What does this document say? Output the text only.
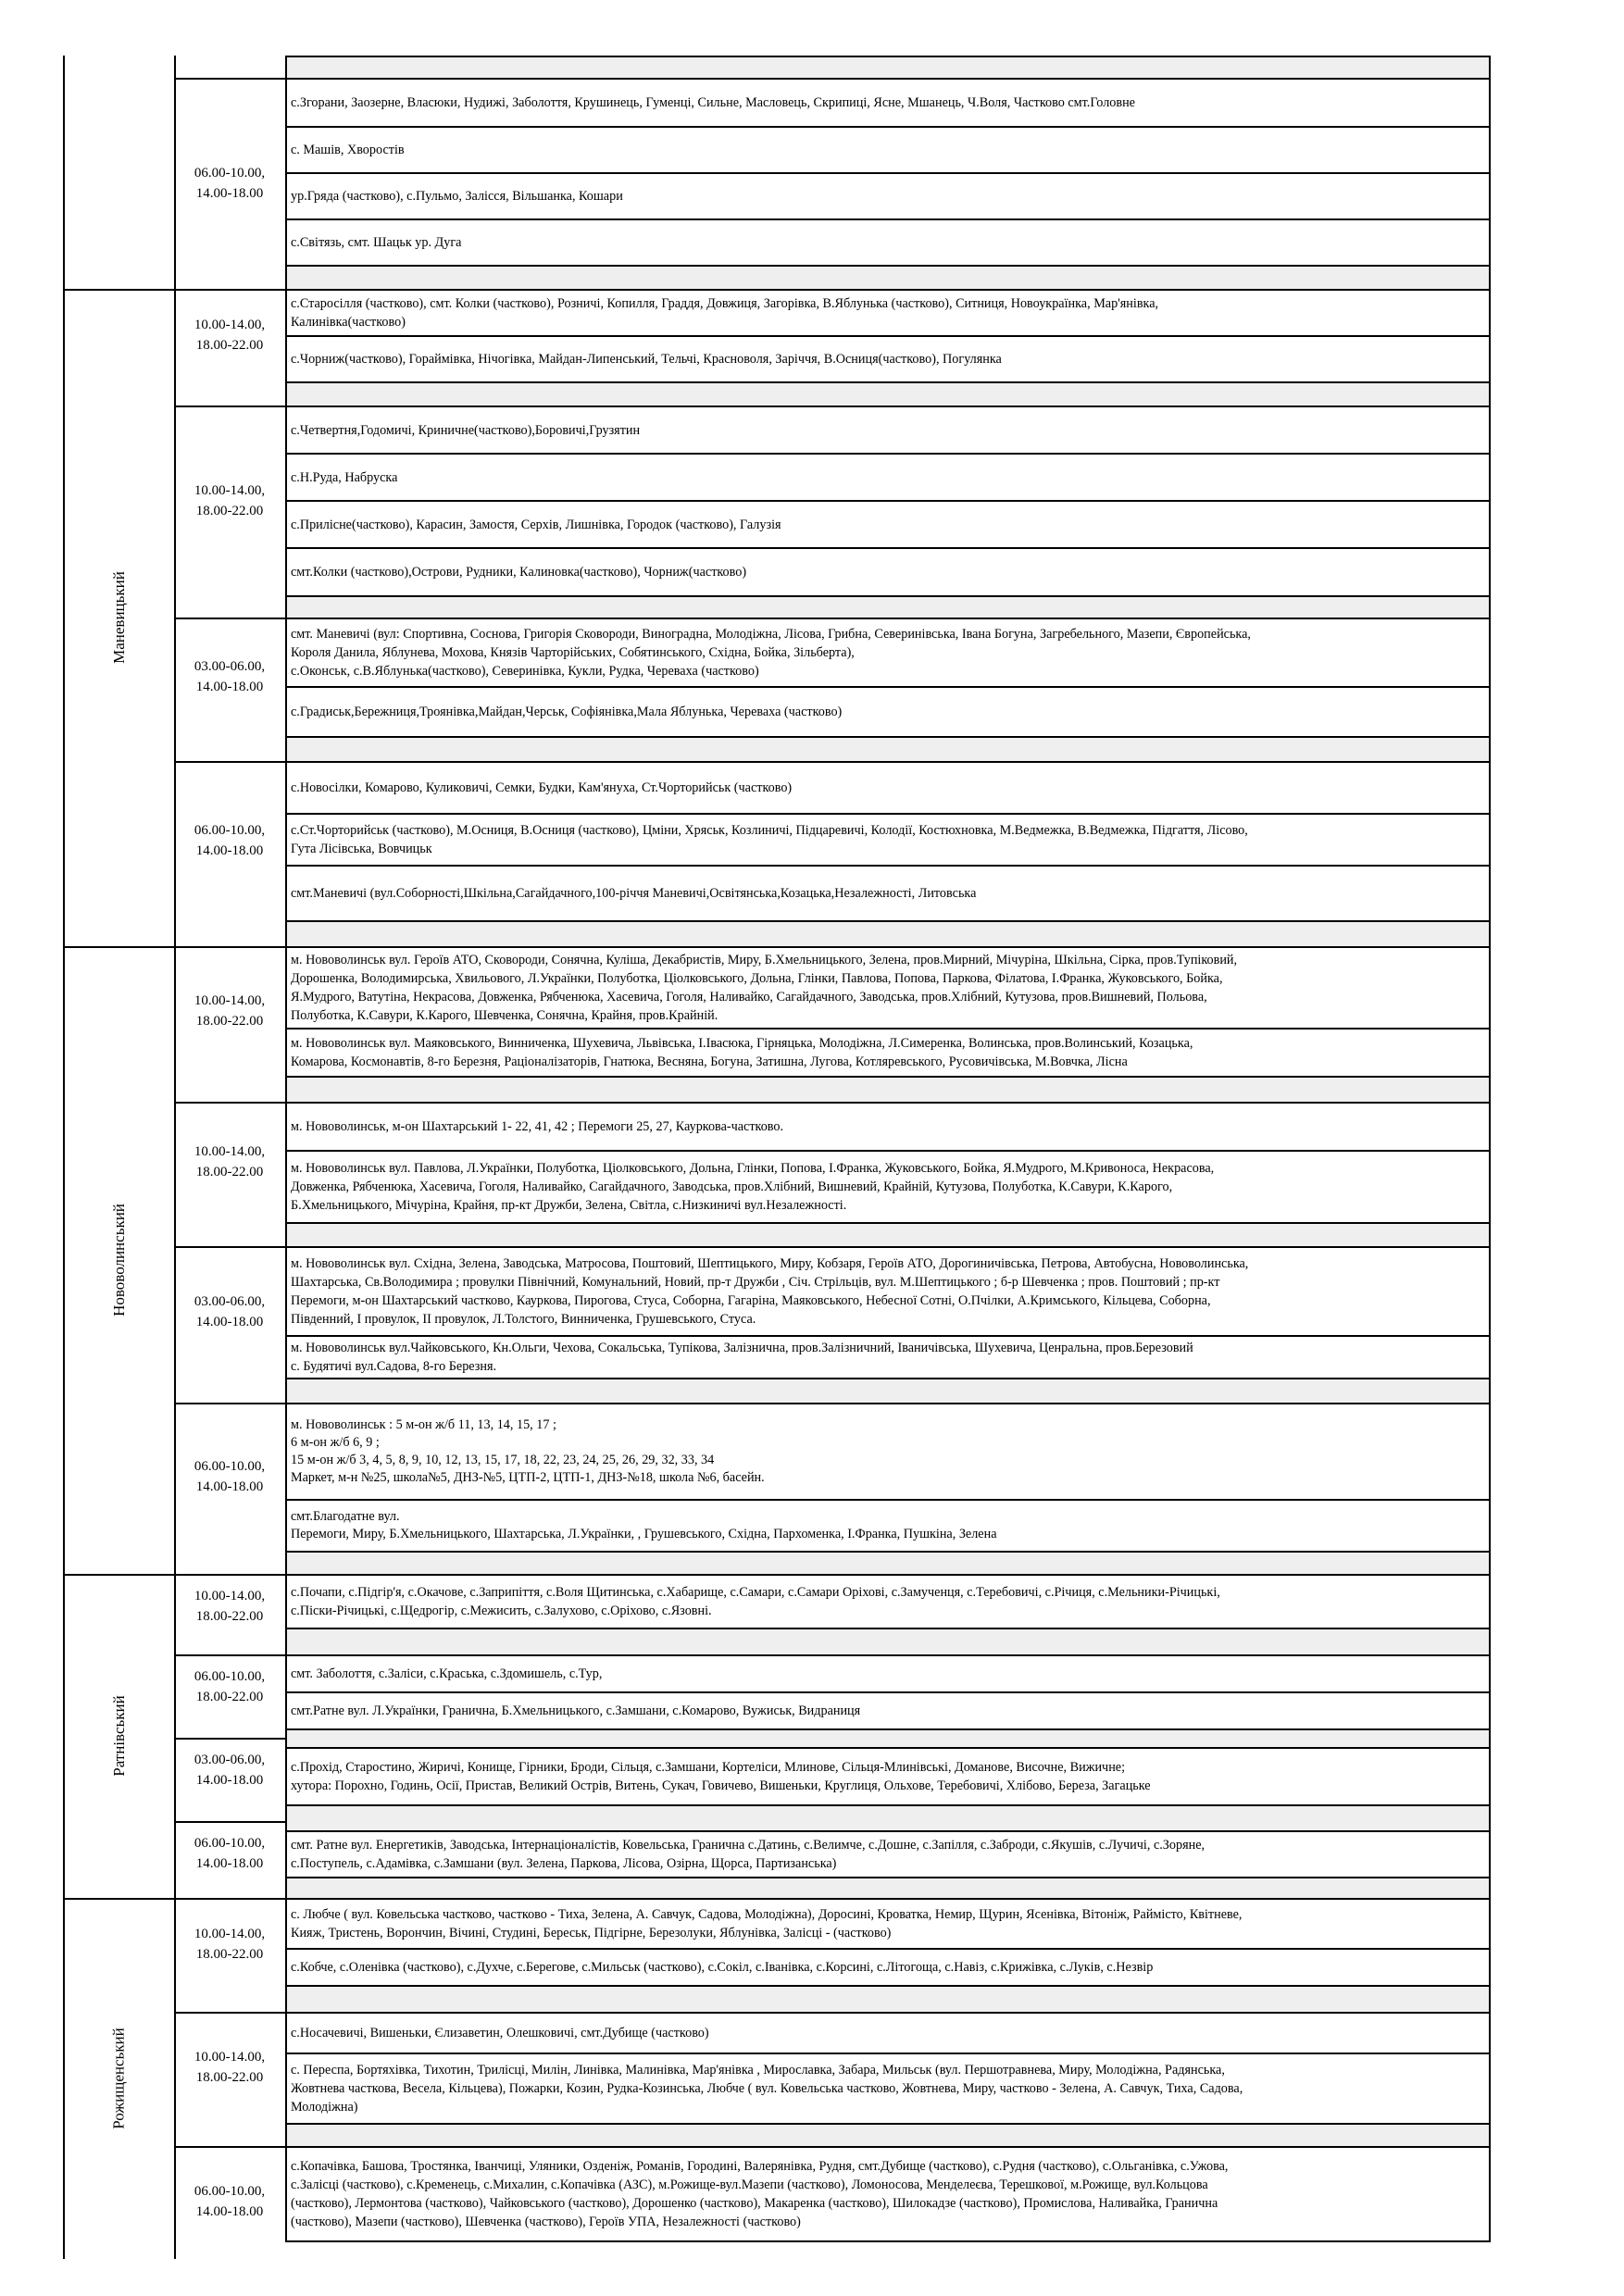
Маневицький
Нововолинський
Ратнівський
Рожищенський
06.00-10.00,
14.00-18.00
10.00-14.00,
18.00-22.00
10.00-14.00,
18.00-22.00
03.00-06.00,
14.00-18.00
06.00-10.00,
14.00-18.00
10.00-14.00,
18.00-22.00
10.00-14.00,
18.00-22.00
03.00-06.00,
14.00-18.00
06.00-10.00,
14.00-18.00
10.00-14.00,
18.00-22.00
06.00-10.00,
18.00-22.00
03.00-06.00,
14.00-18.00
06.00-10.00,
14.00-18.00
10.00-14.00,
18.00-22.00
10.00-14.00,
18.00-22.00
06.00-10.00,
14.00-18.00
с.Згорани, Заозерне, Власюки, Нудижі, Заболоття, Крушинець, Гуменці, Сильне, Масловець, Скрипиці, Ясне, Мшанець, Ч.Воля, Частково смт.Головне
с. Машів, Хворостів
ур.Гряда (частково), с.Пульмо, Залісся, Вільшанка, Кошари
с.Світязь, смт. Шацьк ур. Дуга
с.Старосілля (частково), смт. Колки (частково), Розничі, Копилля, Граддя, Довжиця, Загорівка, В.Яблунька (частково), Ситниця, Новоукраїнка, Мар'янівка,
Калинівка(частково)
с.Чорниж(частково), Гораймівка, Нічогівка, Майдан-Липенський, Тельчі, Красноволя, Заріччя, В.Осниця(частково), Погулянка
с.Четвертня,Годомичі, Криничне(частково),Боровичі,Грузятин
с.Н.Руда, Набруска
с.Прилісне(частково), Карасин, Замостя, Серхів, Лишнівка, Городок (частково), Галузія
смт.Колки (частково),Острови, Рудники, Калиновка(частково), Чорниж(частково)
смт. Маневичі (вул: Спортивна, Соснова, Григорія Сковороди, Виноградна, Молодіжна, Лісова, Грибна, Северинівська, Івана Богуна, Загребельного, Мазепи, Європейська,
Короля Данила, Яблунева, Мохова, Князів Чарторійських, Собятинського, Східна, Бойка, Зільберта),
с.Оконськ, с.В.Яблунька(частково), Северинівка, Кукли, Рудка, Череваха (частково)
с.Градиськ,Бережниця,Троянівка,Майдан,Черськ, Софіянівка,Мала Яблунька, Череваха (частково)
с.Новосілки, Комарово, Куликовичі, Семки, Будки, Кам'януха, Ст.Чорторийськ (частково)
с.Ст.Чорторийськ (частково), М.Осниця, В.Осниця (частково), Цміни, Хряськ, Козлиничі, Підцаревичі, Колодії, Костюхновка, М.Ведмежка, В.Ведмежка, Підгаття, Лісово,
Гута Лісівська, Вовчицьк
смт.Маневичі (вул.Соборності,Шкільна,Сагайдачного,100-річчя Маневичі,Освітянська,Козацька,Незалежності, Литовська
м. Нововолинськ вул. Героїв АТО, Сковороди, Сонячна, Куліша, Декабристів, Миру, Б.Хмельницького, Зелена, пров.Мирний, Мічуріна, Шкільна, Сірка, пров.Тупіковий,
Дорошенка, Володимирська, Хвильового, Л.Українки, Полуботка, Ціолковського, Дольна, Глінки, Павлова, Попова, Паркова, Філатова, І.Франка, Жуковського, Бойка,
Я.Мудрого, Ватутіна, Некрасова, Довженка, Рябченюка, Хасевича, Гоголя, Наливайко, Сагайдачного, Заводська, пров.Хлібний, Кутузова, пров.Вишневий, Польова,
Полуботка, К.Савури, К.Карого, Шевченка, Сонячна, Крайня, пров.Крайній.
м. Нововолинськ вул. Маяковського, Винниченка, Шухевича, Львівська, І.Івасюка, Гірняцька, Молодіжна, Л.Симеренка, Волинська, пров.Волинський, Козацька,
Комарова, Космонавтів, 8-го Березня, Раціоналізаторів, Гнатюка, Весняна, Богуна, Затишна, Лугова, Котляревського, Русовичівська, М.Вовчка, Лісна
м. Нововолинськ, м-он Шахтарський 1- 22, 41, 42 ; Перемоги 25, 27, Кауркова-частково.
м. Нововолинськ вул. Павлова, Л.Українки, Полуботка, Ціолковського, Дольна, Глінки, Попова, І.Франка, Жуковського, Бойка, Я.Мудрого, М.Кривоноса, Некрасова,
Довженка, Рябченюка, Хасевича, Гоголя, Наливайко, Сагайдачного, Заводська, пров.Хлібний, Вишневий, Крайній, Кутузова, Полуботка, К.Савури, К.Карого,
Б.Хмельницького, Мічуріна, Крайня, пр-кт Дружби, Зелена, Світла, с.Низкиничі вул.Незалежності.
м. Нововолинськ вул. Східна, Зелена, Заводська, Матросова, Поштовий, Шептицького, Миру, Кобзаря, Героїв АТО, Дорогиничівська, Петрова, Автобусна, Нововолинська,
Шахтарська, Св.Володимира ; провулки Північний, Комунальний, Новий, пр-т Дружби , Січ. Стрільців, вул. М.Шептицького ; б-р Шевченка ; пров. Поштовий ; пр-кт
Перемоги, м-он Шахтарський частково, Кауркова, Пирогова, Стуса, Соборна, Гагаріна, Маяковського, Небесної Сотні, О.Пчілки, А.Кримського, Кільцева, Соборна,
Південний, І провулок, ІІ провулок, Л.Толстого, Винниченка, Грушевського, Стуса.
м. Нововолинськ вул.Чайковського, Кн.Ольги, Чехова, Сокальська, Тупікова, Залізнична, пров.Залізничний, Іваничівська, Шухевича, Ценральна, пров.Березовий
с. Будятичі вул.Садова, 8-го Березня.
м. Нововолинськ : 5 м-он ж/б 11, 13, 14, 15, 17 ;
6 м-он ж/б 6, 9 ;
15 м-он ж/б 3, 4, 5, 8, 9, 10, 12, 13, 15, 17, 18, 22, 23, 24, 25, 26, 29, 32, 33, 34
Маркет, м-н №25, школа№5, ДНЗ-№5, ЦТП-2, ЦТП-1, ДНЗ-№18, школа №6, басейн.
смт.Благодатне вул.
Перемоги, Миру, Б.Хмельницького, Шахтарська, Л.Українки, , Грушевського, Східна, Пархоменка, І.Франка, Пушкіна, Зелена
с.Почапи, с.Підгір'я, с.Окачове, с.Заприпіття, с.Воля Щитинська, с.Хабарище, с.Самари, с.Самари Оріхові, с.Замученця, с.Теребовичі, с.Річиця, с.Мельники-Річицькі,
с.Піски-Річицькі, с.Щедрогір, с.Межисить, с.Залухово, с.Оріхово, с.Язовні.
смт. Заболоття, с.Заліси, с.Краська, с.Здомишель, с.Тур,
смт.Ратне вул. Л.Українки, Гранична, Б.Хмельницького, с.Замшани, с.Комарово, Вужиськ, Видраниця
с.Прохід, Старостино, Жиричі, Конище, Гірники, Броди, Сільця, с.Замшани, Кортеліси, Млинове, Сільця-Млинівські, Доманове, Височне, Вижичне;
хутора: Порохно, Годинь, Осії, Пристав, Великий Острів, Витень, Сукач, Говичево, Вишеньки, Круглиця, Ольхове, Теребовичі, Хлібово, Береза, Загацьке
смт. Ратне вул. Енергетиків, Заводська, Інтернаціоналістів, Ковельська, Гранична с.Датинь, с.Велимче, с.Дошне, с.Запілля, с.Заброди, с.Якушів, с.Лучичі, с.Зоряне,
с.Поступель, с.Адамівка, с.Замшани (вул. Зелена, Паркова, Лісова, Озірна, Щорса, Партизанська)
с. Любче ( вул. Ковельська частково, частково - Тиха, Зелена, А. Савчук, Садова, Молодіжна), Доросині, Кроватка, Немир, Щурин, Ясенівка, Вітоніж, Раймісто, Квітневе,
Кияж, Тристень, Ворончин, Вічині, Студині, Береськ, Підгірне, Березолуки, Яблунівка, Залісці - (частково)
с.Кобче, с.Оленівка (частково), с.Духче, с.Берегове, с.Мильськ (частково), с.Сокіл, с.Іванівка, с.Корсині, с.Літогоща, с.Навіз, с.Крижівка, с.Луків, с.Незвір
с.Носачевичі, Вишеньки, Єлизаветин, Олешковичі, смт.Дубище (частково)
с. Переспа, Бортяхівка, Тихотин, Трилісці, Милін, Линівка, Малинівка, Мар'янівка , Мирославка, Забара, Мильськ (вул. Першотравнева, Миру, Молодіжна, Радянська,
Жовтнева часткова, Весела, Кільцева), Пожарки, Козин, Рудка-Козинська, Любче ( вул. Ковельська частково, Жовтнева, Миру, частково - Зелена, А. Савчук, Тиха, Садова,
Молодіжна)
с.Копачівка, Башова, Тростянка, Іванчиці, Уляники, Озденіж, Романів, Городині, Валерянівка, Рудня, смт.Дубище (частково), с.Рудня (частково), с.Ольганівка, с.Ужова,
с.Залісці (частково), с.Кременець, с.Михалин, с.Копачівка (АЗС), м.Рожище-вул.Мазепи (частково), Ломоносова, Менделеєва, Терешкової, м.Рожище, вул.Кольцова
(частково), Лермонтова (частково), Чайковського (частково), Дорошенко (частково), Макаренка (частково), Шилокадзе (частково), Промислова, Наливайка, Гранична
(частково), Мазепи (частково), Шевченка (частково), Героїв УПА, Незалежності (частково)
